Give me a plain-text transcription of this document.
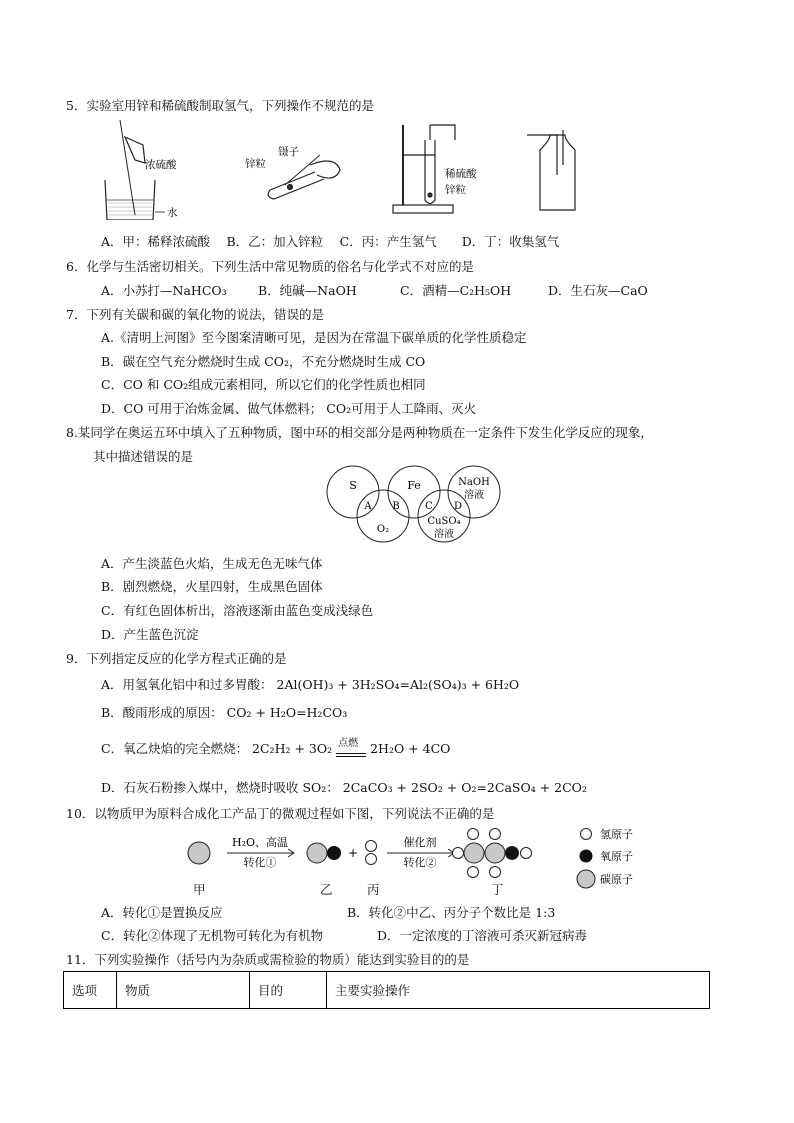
5．实验室用锌和稀硫酸制取氢气，下列操作不规范的是
浓硫酸
水
镊子
锌粒
稀硫酸
锌粒
A．甲：稀释浓硫酸　 B．乙：加入锌粒　 C．丙：产生氢气　　D．丁：收集氢气
6．化学与生活密切相关。下列生活中常见物质的俗名与化学式不对应的是
A．小苏打—NaHCO₃	B．纯碱—NaOH	C．酒精—C₂H₅OH	D．生石灰—CaO
7．下列有关碳和碳的氧化物的说法，错误的是
A.《清明上河图》至今图案清晰可见，是因为在常温下碳单质的化学性质稳定
B．碳在空气充分燃烧时生成 CO₂，不充分燃烧时生成 CO
C．CO 和 CO₂组成元素相同，所以它们的化学性质也相同
D．CO 可用于冶炼金属、做气体燃料； CO₂可用于人工降雨、灭火
8.某同学在奥运五环中填入了五种物质，图中环的相交部分是两种物质在一定条件下发生化学反应的现象，
其中描述错误的是
S	Fe	NaOH
溶液
O₂
CuSO₄
溶液
A B	C D
A．产生淡蓝色火焰，生成无色无味气体
B．剧烈燃烧，火星四射，生成黑色固体
C．有红色固体析出，溶液逐渐由蓝色变成浅绿色
D．产生蓝色沉淀
9．下列指定反应的化学方程式正确的是
A．用氢氧化铝中和过多胃酸： 2Al(OH)₃ + 3H₂SO₄=Al₂(SO₄)₃ + 6H₂O
B．酸雨形成的原因： CO₂ + H₂O=H₂CO₃
C．氧乙炔焰的完全燃烧： 2C₂H₂ + 3O₂ 点燃 2H₂O + 4CO
D．石灰石粉掺入煤中，燃烧时吸收 SO₂： 2CaCO₃ + 2SO₂ + O₂=2CaSO₄ + 2CO₂
10．以物质甲为原料合成化工产品丁的微观过程如下图，下列说法不正确的是
H₂O、高温
转化①
+
催化剂
转化②
氢原子
氧原子
碳原子
甲	乙	丙	丁
A．转化①是置换反应	B．转化②中乙、丙分子个数比是 1:3
C．转化②体现了无机物可转化为有机物	D．一定浓度的丁溶液可杀灭新冠病毒
11．下列实验操作（括号内为杂质或需检验的物质）能达到实验目的的是
选项	物质	目的	主要实验操作
